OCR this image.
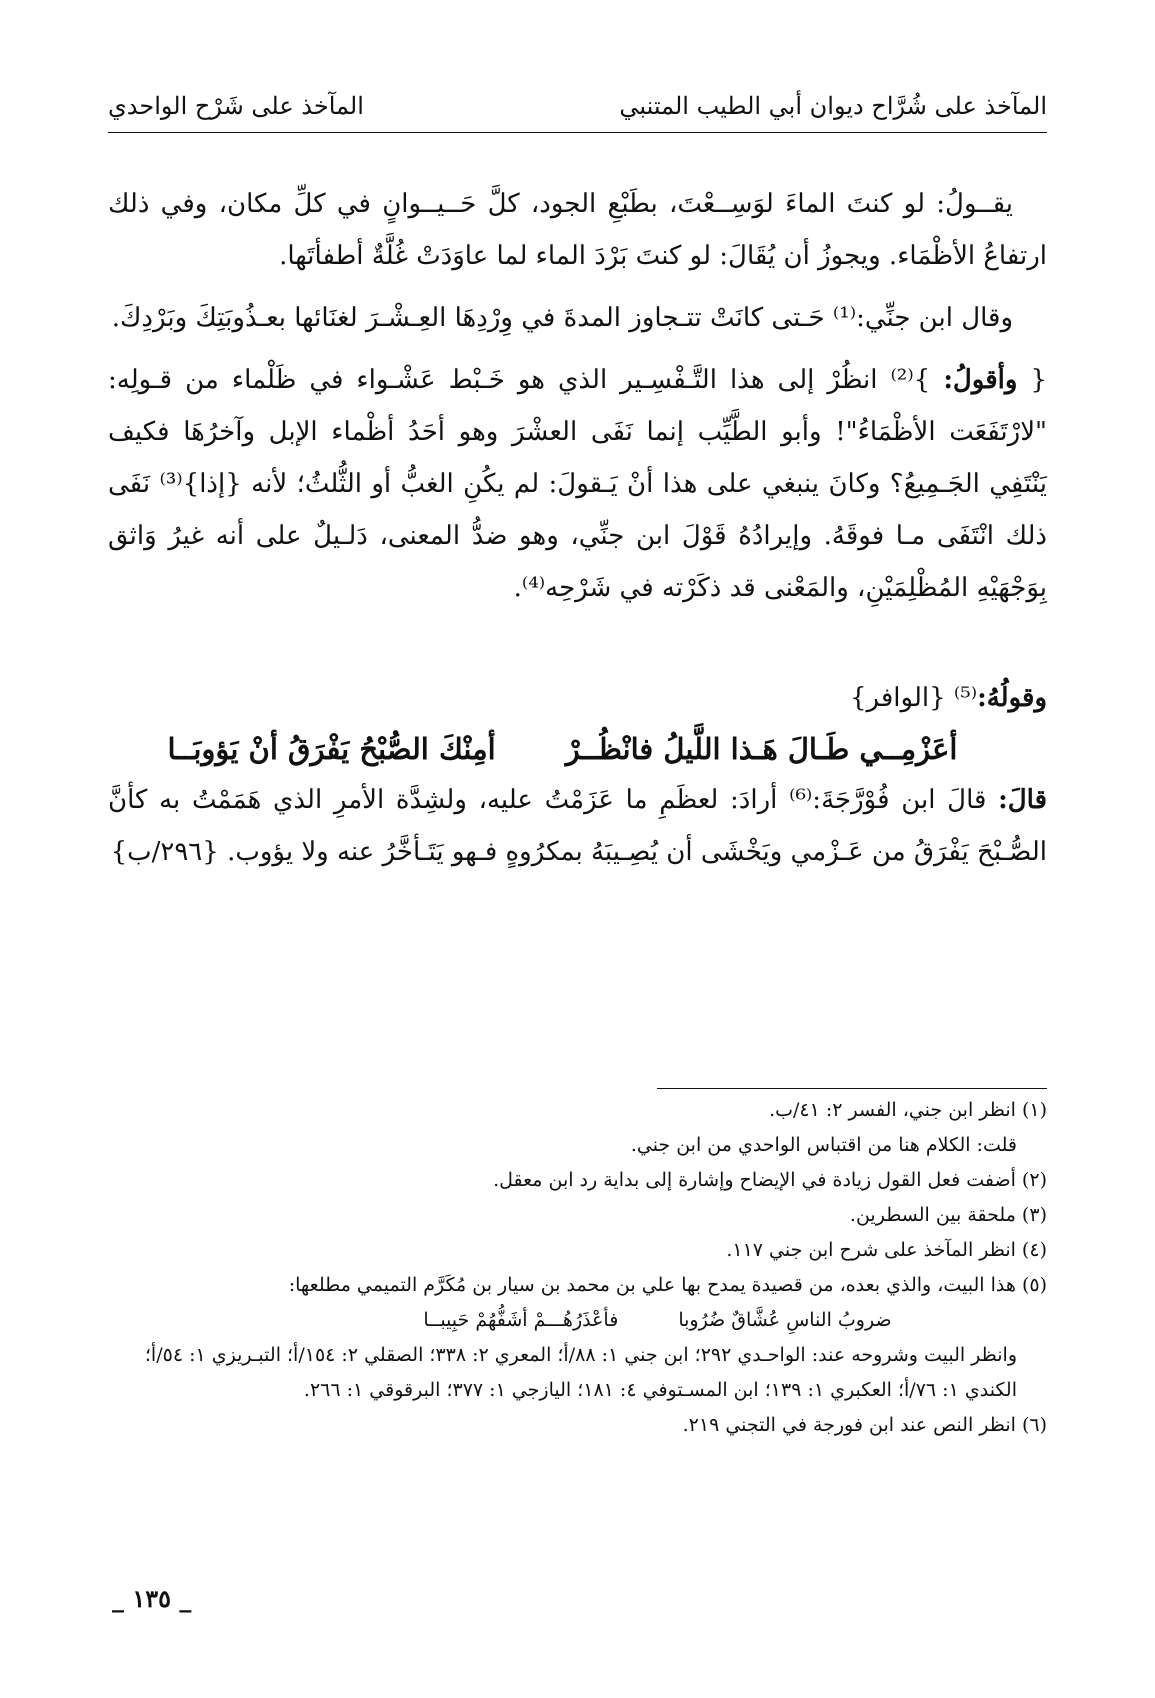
المآخذ على شُرَّاح ديوان أبي الطيب المتنبي
المآخذ على شَرْح الواحدي

يقــولُ: لو كنتَ الماءَ لوَسِــعْتَ، بطَبْعِ الجود، كلَّ حَــيــوانٍ في كلِّ مكان، وفي ذلك ارتفاعُ الأظْمَاء. ويجوزُ أن يُقَالَ: لو كنتَ بَرْدَ الماء لما عاوَدَتْ غُلَّةٌ أطفأتَها.

وقال ابن جنِّي:⁽¹⁾ حَـتى كانَتْ تتـجاوز المدةَ في وِرْدِهَا العِـشْـرَ لغنَائها بعـذُوبَتِكَ وبَرْدِكَ.

{ وأقولُ: }⁽²⁾ انظُرْ إلى هذا التَّـفْسِـير الذي هو خَـبْط عَشْـواء في ظَلْماء من قـولِه: "لارْتَفَعَت الأظْمَاءُ"! وأبو الطَّيِّب إنما نَفَى العشْرَ وهو أحَدُ أظْماء الإبل وآخرُهَا فكيف يَنْتَفِي الجَـمِيعُ؟ وكانَ ينبغي على هذا أنْ يَـقولَ: لم يكُنِ الغبُّ أو الثُّلثُ؛ لأنه {إذا}⁽³⁾ نَفَى ذلك انْتَفَى مـا فوقَهُ. وإيرادُهُ قَوْلَ ابن جنِّي، وهو ضدُّ المعنى، دَلـيلٌ على أنه غيرُ وَاثق بِوَجْهَيْهِ المُظْلِمَيْنِ، والمَعْنى قد ذكَرْته في شَرْحِه⁽⁴⁾.

وقولُهُ:⁽⁵⁾ {الوافر}

أعَزْمِــي طَـالَ هَـذا اللَّيلُ فانْظُــرْ
أمِنْكَ الصُّبْحُ يَفْرَقُ أنْ يَؤوبَــا

قالَ: قالَ ابن فُوْرَّجَةَ:⁽⁶⁾ أرادَ: لعظَمِ ما عَزَمْتُ عليه، ولشِدَّة الأمرِ الذي هَمَمْتُ به كأنَّ الصُّـبْحَ يَفْرَقُ من عَـزْمي ويَخْشَى أن يُصِـيبَهُ بمكرُوهٍ فـهو يَتَـأخَّرُ عنه ولا يؤوب. {٢٩٦/ب}

(١) انظر ابن جني، الفسر ٢: ٤١/ب.

قلت: الكلام هنا من اقتباس الواحدي من ابن جني.

(٢) أضفت فعل القول زيادة في الإيضاح وإشارة إلى بداية رد ابن معقل.

(٣) ملحقة بين السطرين.

(٤) انظر المآخذ على شرح ابن جني ١١٧.

(٥) هذا البيت، والذي بعده، من قصيدة يمدح بها علي بن محمد بن سيار بن مُكَرَّم التميمي مطلعها:

ضروبُ الناسِ عُشَّاقٌ ضُرُوبا
فأعْذَرُهُـــمْ أشَفُّهُمْ حَبِيبــا

وانظر البيت وشروحه عند: الواحـدي ٢٩٢؛ ابن جني ١: ٨٨/أ؛ المعري ٢: ٣٣٨؛ الصقلي ٢: ١٥٤/أ؛ التبـريزي ١: ٥٤/أ؛ الكندي ١: ٧٦/أ؛ العكبري ١: ١٣٩؛ ابن المسـتوفي ٤: ١٨١؛ اليازجي ١: ٣٧٧؛ البرقوقي ١: ٢٦٦.

(٦) انظر النص عند ابن فورجة في التجني ٢١٩.

_ ١٣٥ _
